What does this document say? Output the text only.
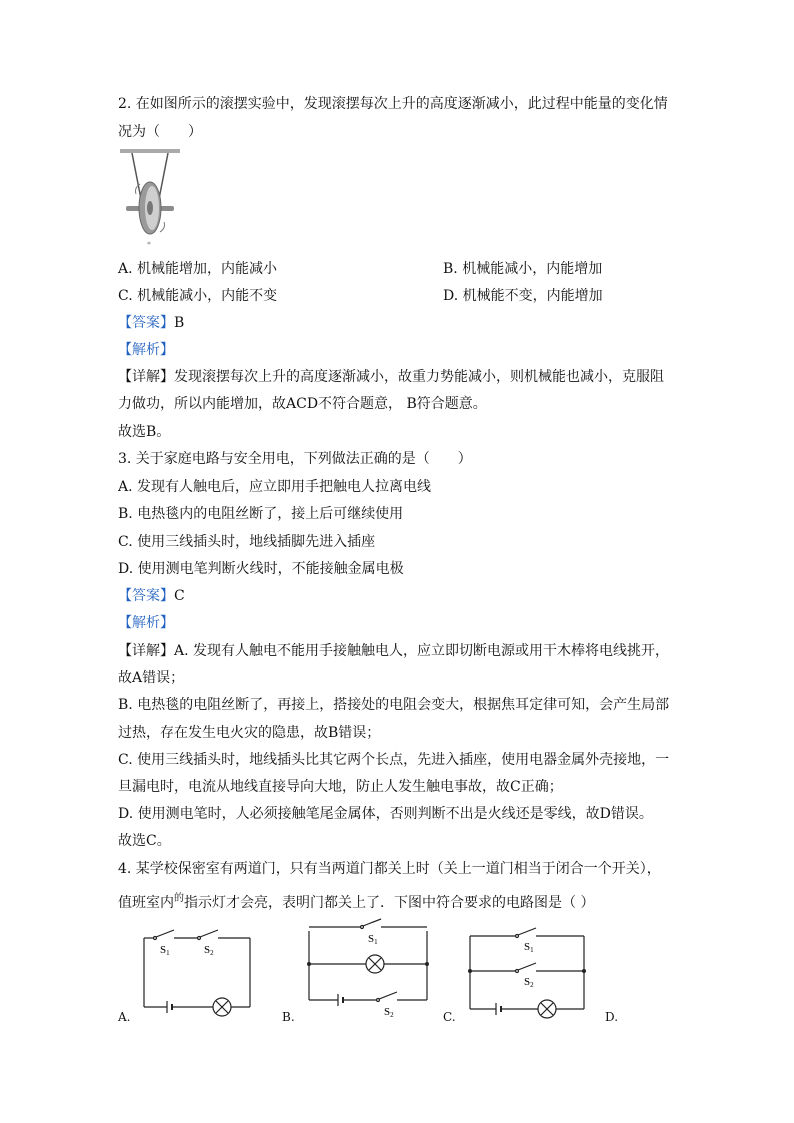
2. 在如图所示的滚摆实验中，发现滚摆每次上升的高度逐渐减小，此过程中能量的变化情
况为（　　）
*
A. 机械能增加，内能减小	B. 机械能减小，内能增加
C. 机械能减小，内能不变	D. 机械能不变，内能增加
【答案】B
【解析】
【详解】发现滚摆每次上升的高度逐渐减小，故重力势能减小，则机械能也减小，克服阻
力做功，所以内能增加，故ACD不符合题意， B符合题意。
故选B。
3. 关于家庭电路与安全用电，下列做法正确的是（　　）
A. 发现有人触电后，应立即用手把触电人拉离电线
B. 电热毯内的电阻丝断了，接上后可继续使用
C. 使用三线插头时，地线插脚先进入插座
D. 使用测电笔判断火线时，不能接触金属电极
【答案】C
【解析】
【详解】A. 发现有人触电不能用手接触触电人，应立即切断电源或用干木棒将电线挑开，
故A错误；
B. 电热毯的电阻丝断了，再接上，搭接处的电阻会变大，根据焦耳定律可知，会产生局部
过热，存在发生电火灾的隐患，故B错误；
C. 使用三线插头时，地线插头比其它两个长点，先进入插座，使用电器金属外壳接地，一
旦漏电时，电流从地线直接导向大地，防止人发生触电事故，故C正确；
D. 使用测电笔时，人必须接触笔尾金属体，否则判断不出是火线还是零线，故D错误。
故选C。
4. 某学校保密室有两道门，只有当两道门都关上时（关上一道门相当于闭合一个开关），
值班室内$^的$指示灯才会亮，表明门都关上了．下图中符合要求的电路图是（ ）
S1	S2
A.
S1
S2
B.
S1
S2
C.	D.
